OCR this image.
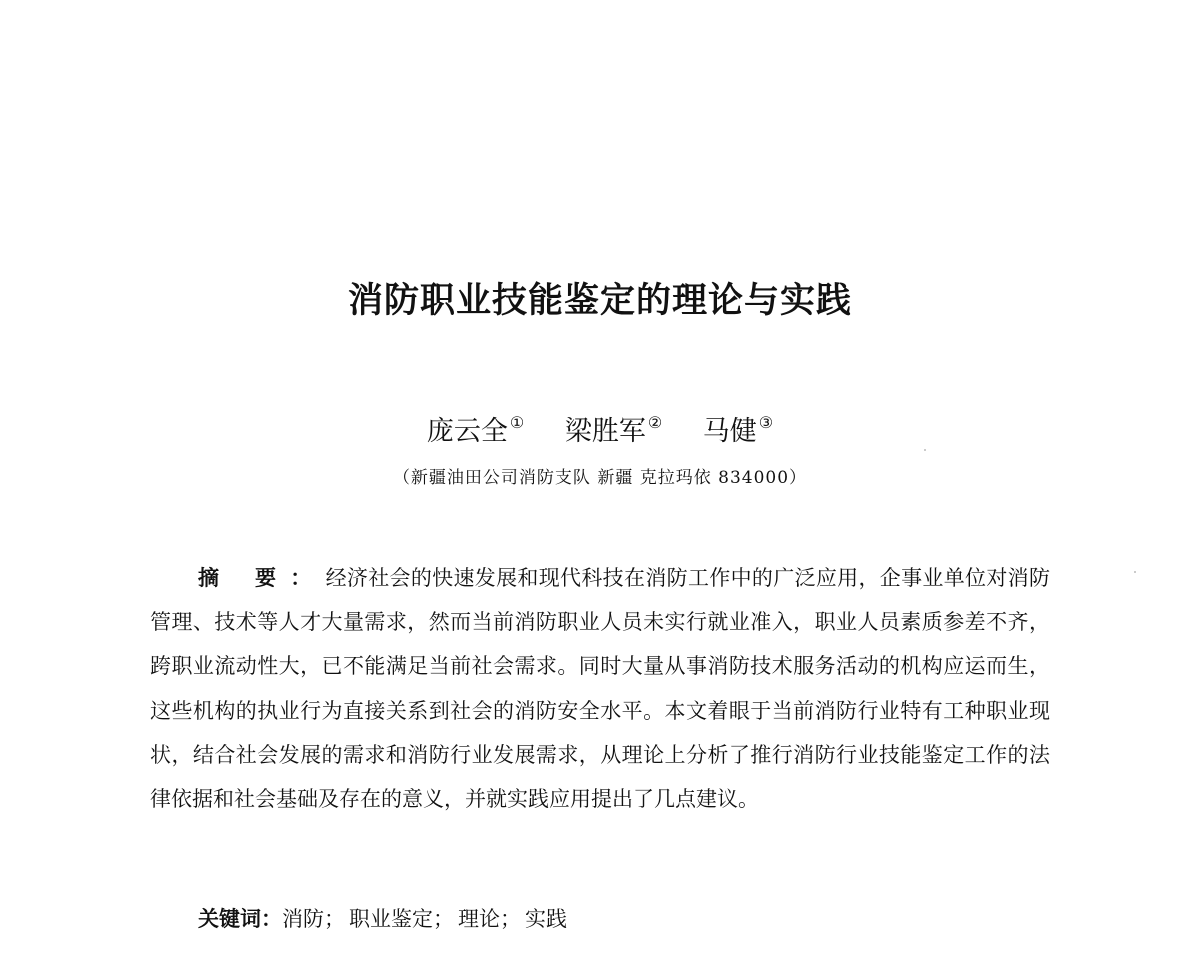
消防职业技能鉴定的理论与实践
庞云全 ① 梁胜军 ② 马健 ③
（新疆油田公司消防支队 新疆 克拉玛依 834000）

摘 要：经济社会的快速发展和现代科技在消防工作中的广泛应用，企事业单位对消防管理、技术等人才大量需求，然而当前消防职业人员未实行就业准入，职业人员素质参差不齐，跨职业流动性大，已不能满足当前社会需求。同时大量从事消防技术服务活动的机构应运而生，这些机构的执业行为直接关系到社会的消防安全水平。本文着眼于当前消防行业特有工种职业现状，结合社会发展的需求和消防行业发展需求，从理论上分析了推行消防行业技能鉴定工作的法律依据和社会基础及存在的意义，并就实践应用提出了几点建议。

关键词：消防； 职业鉴定； 理论； 实践
